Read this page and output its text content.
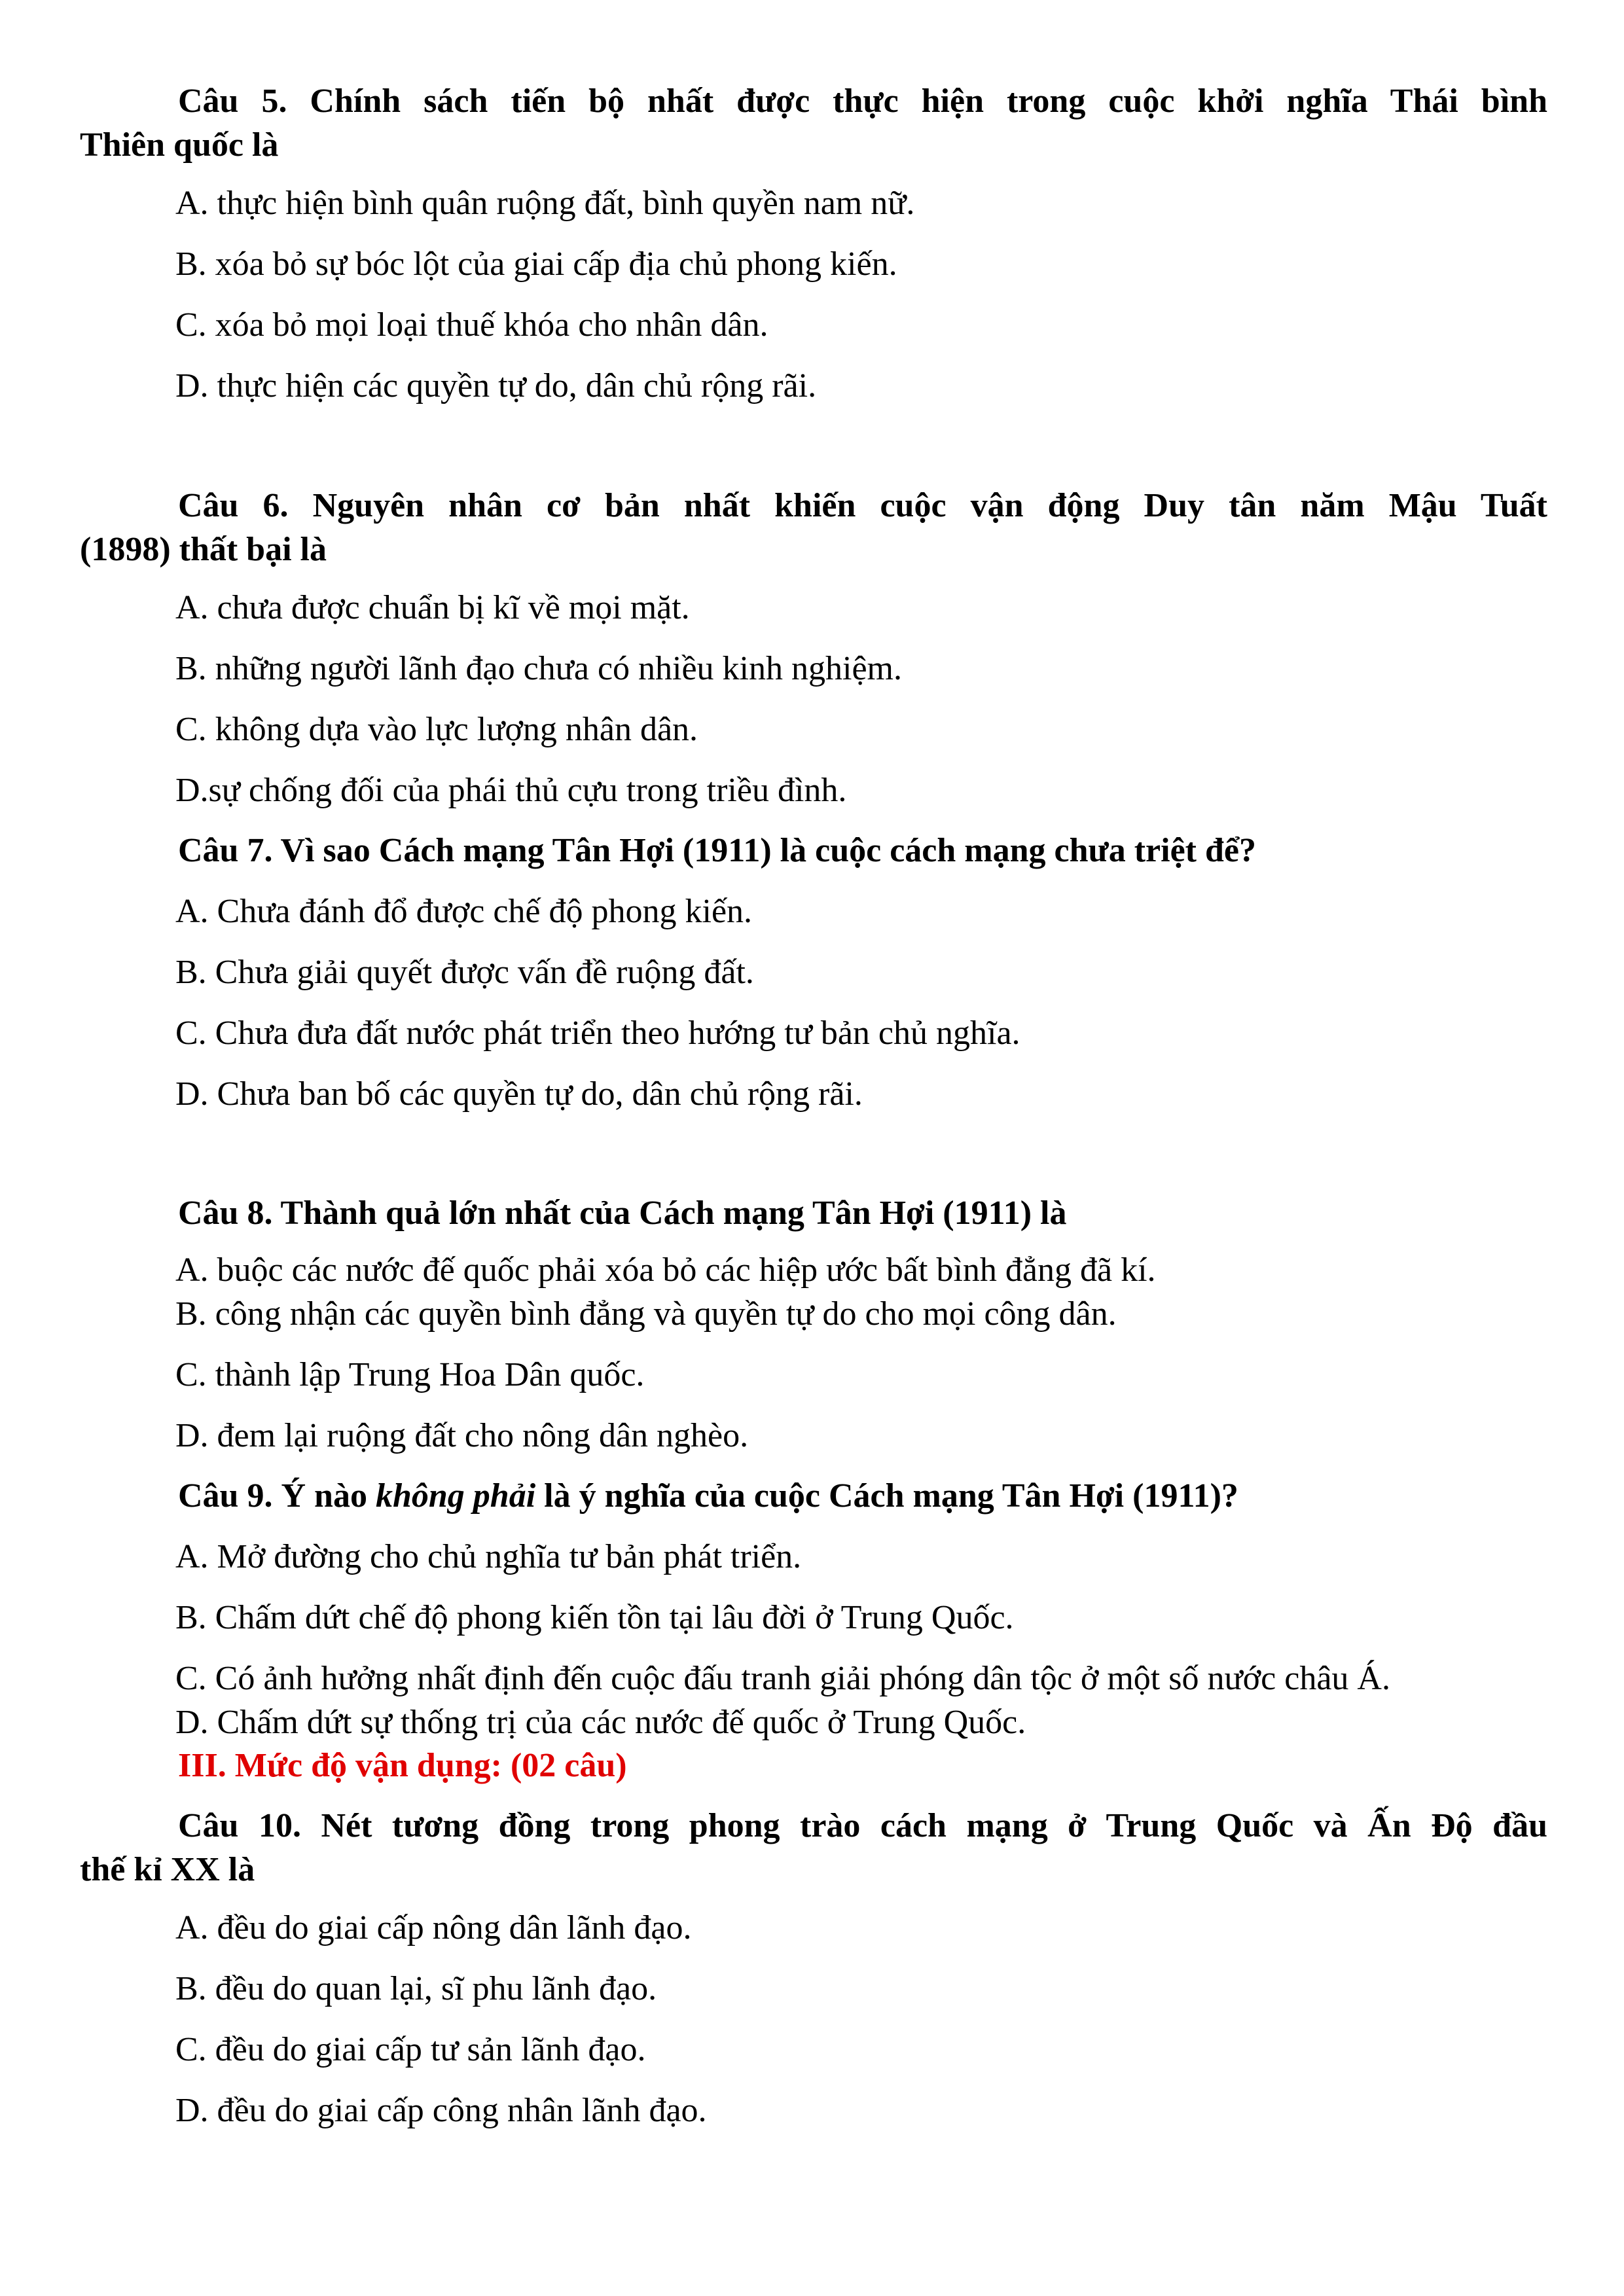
Câu 5. Chính sách tiến bộ nhất được thực hiện trong cuộc khởi nghĩa Thái bình
Thiên quốc là
A. thực hiện bình quân ruộng đất, bình quyền nam nữ.
B. xóa bỏ sự bóc lột của giai cấp địa chủ phong kiến.
C. xóa bỏ mọi loại thuế khóa cho nhân dân.
D. thực hiện các quyền tự do, dân chủ rộng rãi.
Câu 6. Nguyên nhân cơ bản nhất khiến cuộc vận động Duy tân năm Mậu Tuất
(1898) thất bại là
A. chưa được chuẩn bị kĩ về mọi mặt.
B. những người lãnh đạo chưa có nhiều kinh nghiệm.
C. không dựa vào lực lượng nhân dân.
D.sự chống đối của phái thủ cựu trong triều đình.
Câu 7. Vì sao Cách mạng Tân Hợi (1911) là cuộc cách mạng chưa triệt để?
A. Chưa đánh đổ được chế độ phong kiến.
B. Chưa giải quyết được vấn đề ruộng đất.
C. Chưa đưa đất nước phát triển theo hướng tư bản chủ nghĩa.
D. Chưa ban bố các quyền tự do, dân chủ rộng rãi.
Câu 8. Thành quả lớn nhất của Cách mạng Tân Hợi (1911) là
A. buộc các nước đế quốc phải xóa bỏ các hiệp ước bất bình đẳng đã kí.
B. công nhận các quyền bình đẳng và quyền tự do cho mọi công dân.
C. thành lập Trung Hoa Dân quốc.
D. đem lại ruộng đất cho nông dân nghèo.
Câu 9. Ý nào không phải là ý nghĩa của cuộc Cách mạng Tân Hợi (1911)?
A. Mở đường cho chủ nghĩa tư bản phát triển.
B. Chấm dứt chế độ phong kiến tồn tại lâu đời ở Trung Quốc.
C. Có ảnh hưởng nhất định đến cuộc đấu tranh giải phóng dân tộc ở một số nước châu Á.
D. Chấm dứt sự thống trị của các nước đế quốc ở Trung Quốc.
III. Mức độ vận dụng: (02 câu)
Câu 10. Nét tương đồng trong phong trào cách mạng ở Trung Quốc và Ấn Độ đầu
thế kỉ XX là
A. đều do giai cấp nông dân lãnh đạo.
B. đều do quan lại, sĩ phu lãnh đạo.
C. đều do giai cấp tư sản lãnh đạo.
D. đều do giai cấp công nhân lãnh đạo.
